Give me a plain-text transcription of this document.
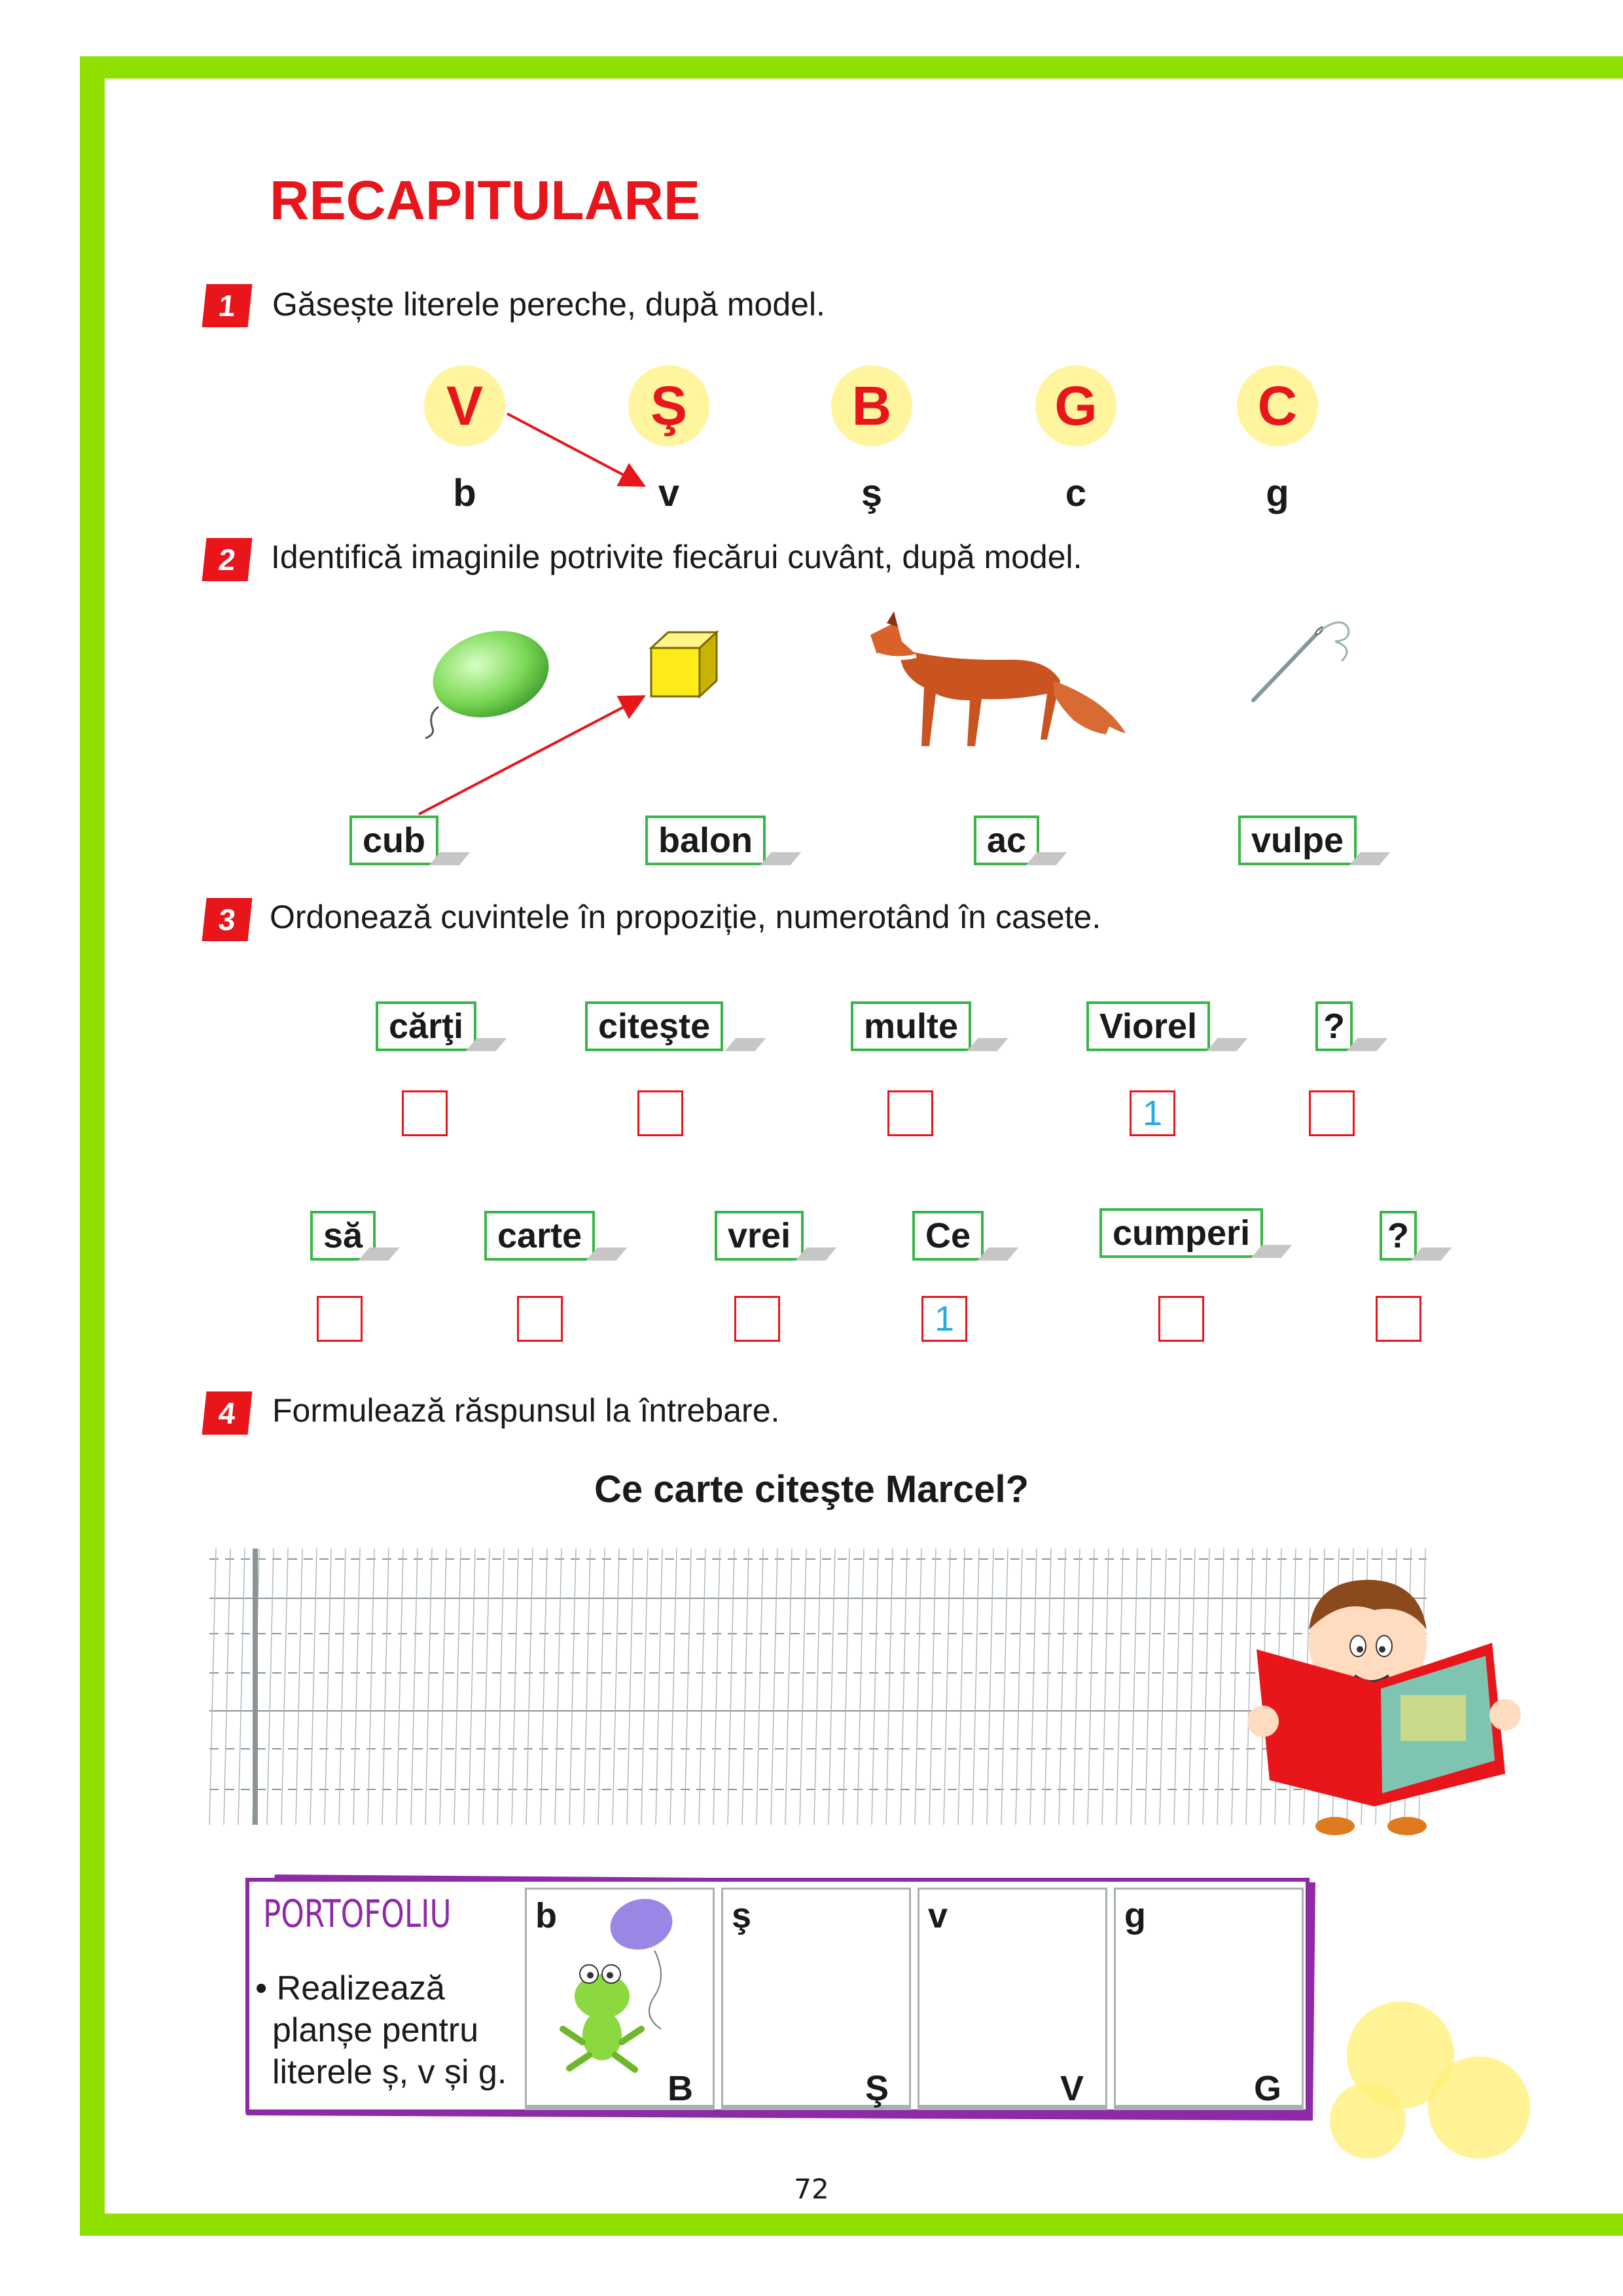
RECAPITULARE
1	Găsește literele pereche, după model.
V	Ş	B	G	C
b	v	ş	c	g
2	Identifică imaginile potrivite fiecărui cuvânt, după model.
cub	balon	ac	vulpe
3 Ordonează cuvintele în propoziție, numerotând în casete.
cărţi	citeşte	multe	Viorel	?
1
să	carte	vrei	Ce	cumperi	?
1
4	Formulează răspunsul la întrebare.
Ce carte citeşte Marcel?
PORTOFOLIU
• Realizează
planșe pentru
literele ș, v și g.
b
B
ş
Ş
v
V
g
G
72
